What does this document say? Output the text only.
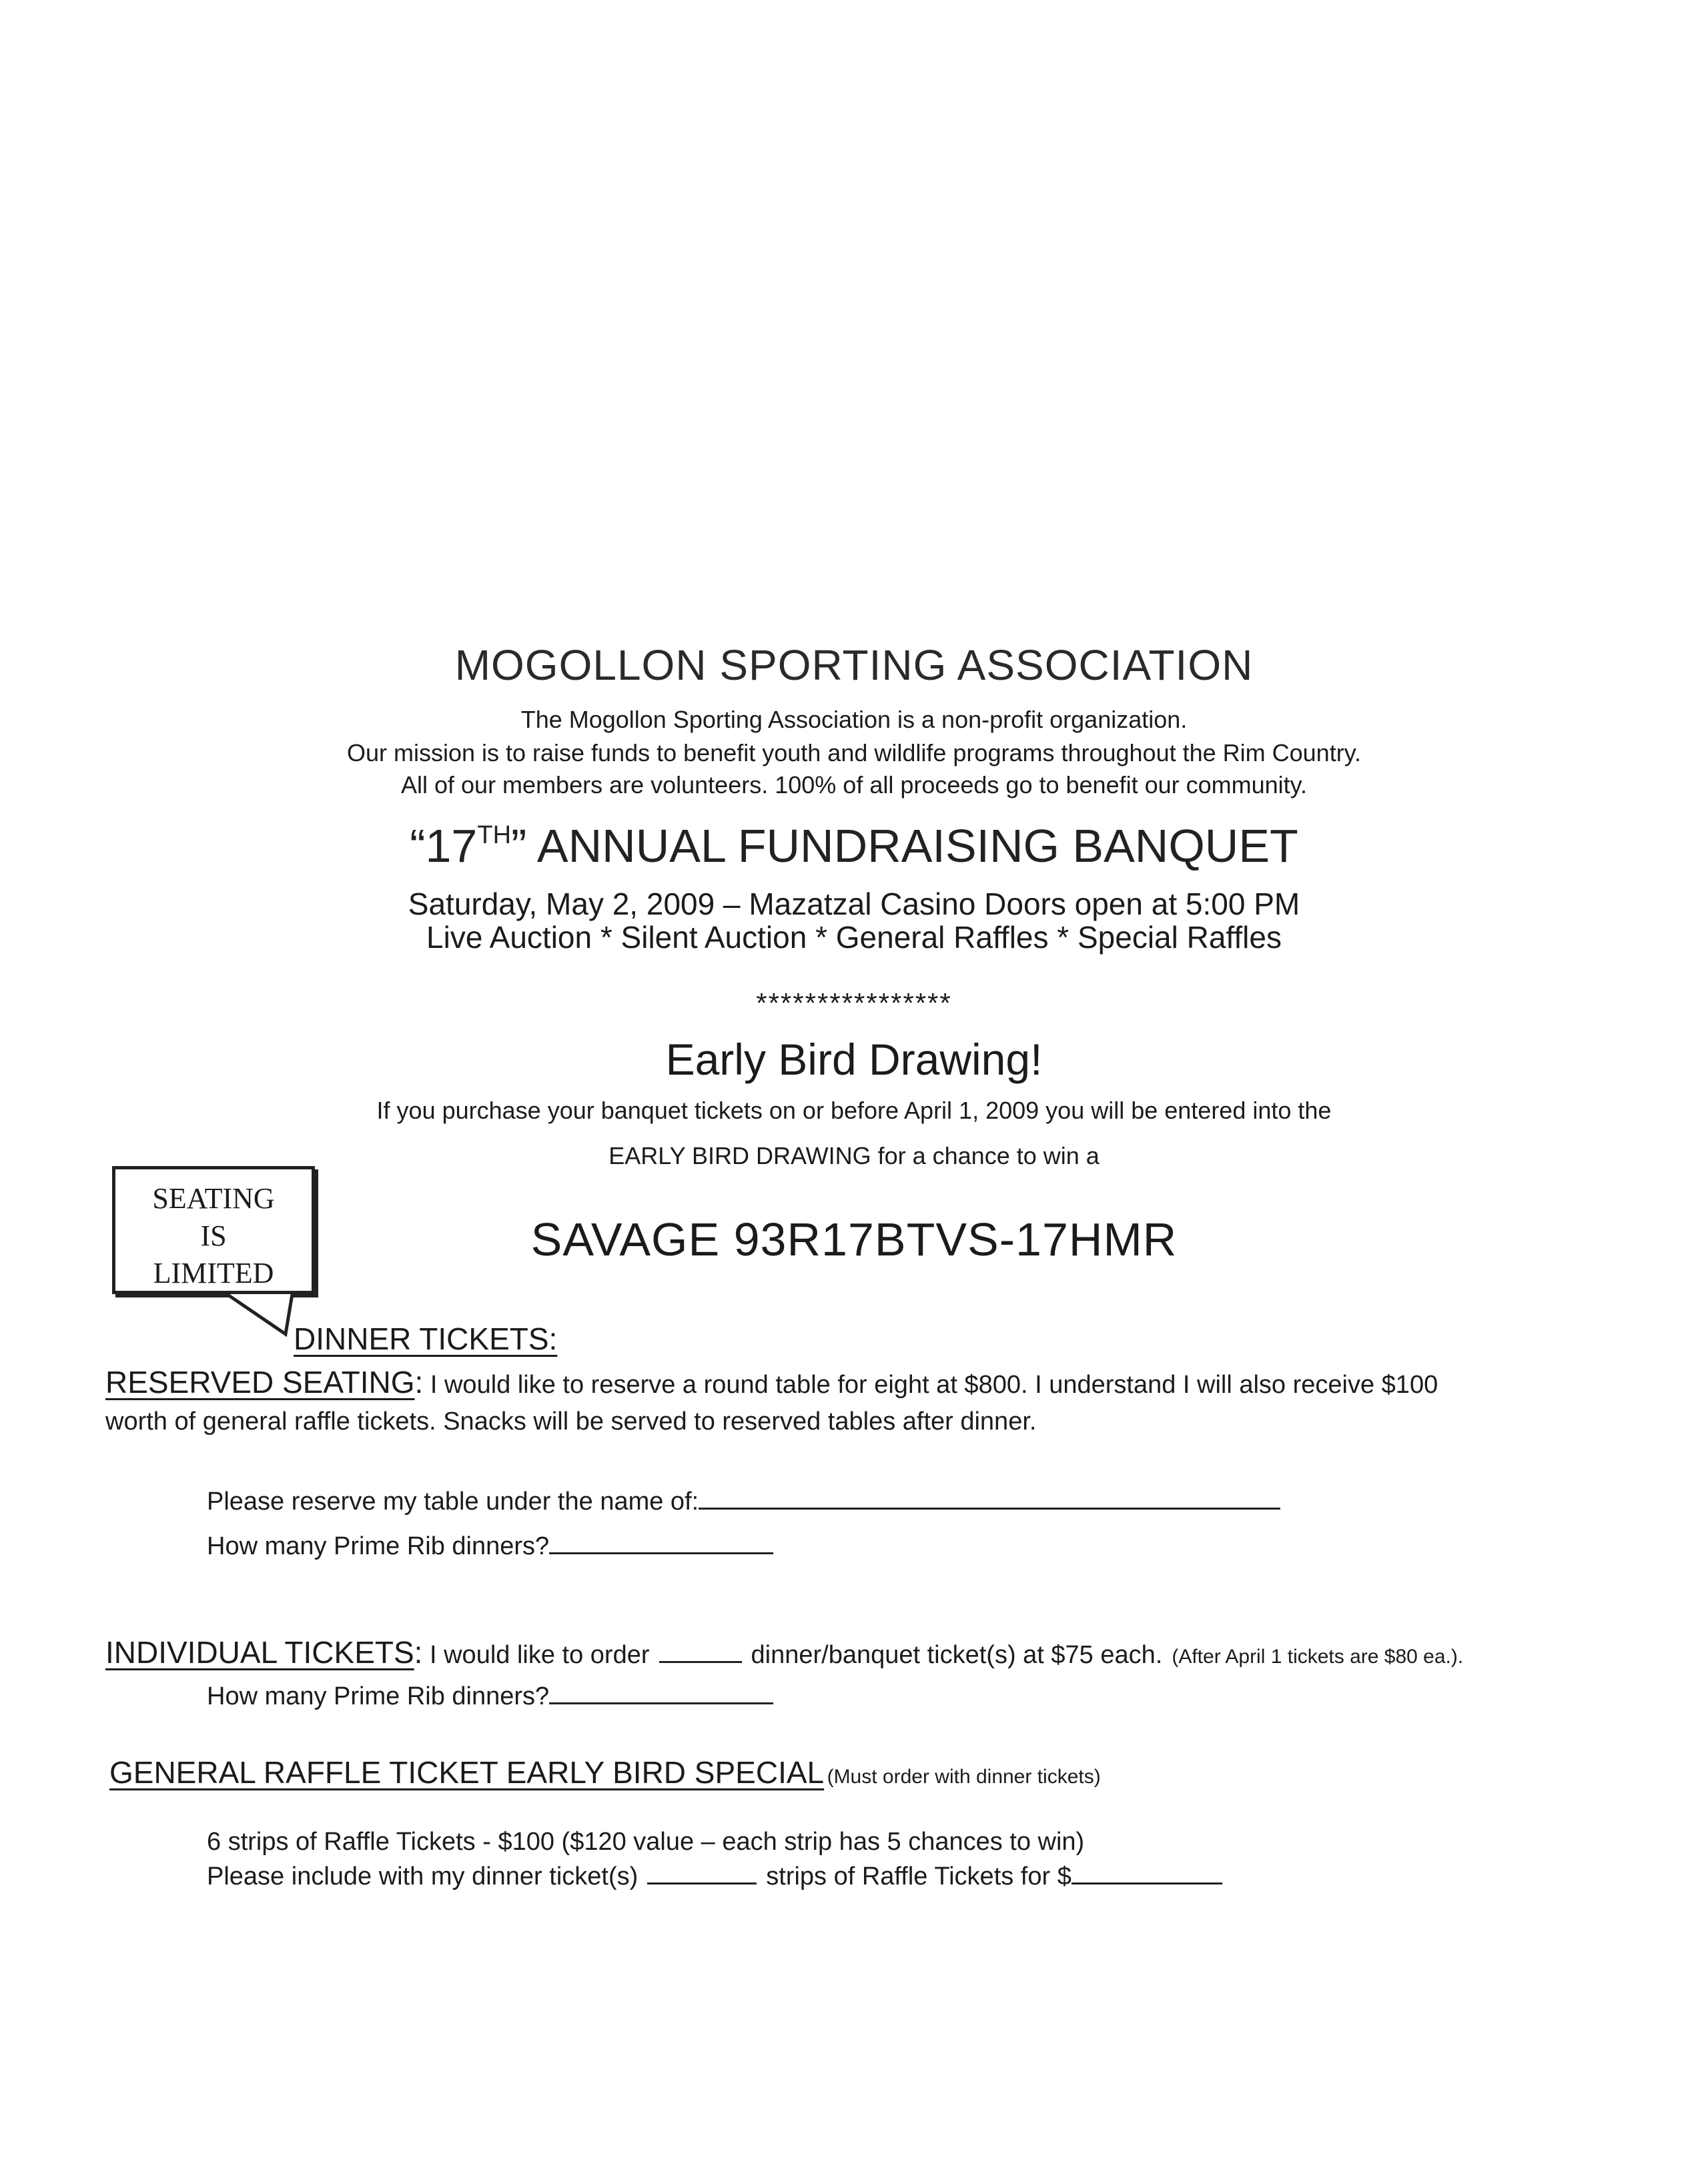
MOGOLLON SPORTING ASSOCIATION
The Mogollon Sporting Association is a non-profit organization.
Our mission is to raise funds to benefit youth and wildlife programs throughout the Rim Country.
All of our members are volunteers. 100% of all proceeds go to benefit our community.
“17TH” ANNUAL FUNDRAISING BANQUET
Saturday, May 2, 2009 – Mazatzal Casino Doors open at 5:00 PM
Live Auction * Silent Auction * General Raffles * Special Raffles
****************
Early Bird Drawing!
If you purchase your banquet tickets on or before April 1, 2009 you will be entered into the
EARLY BIRD DRAWING for a chance to win a
SAVAGE 93R17BTVS-17HMR
SEATING
IS
LIMITED
DINNER TICKETS:
RESERVED SEATING: I would like to reserve a round table for eight at $800. I understand I will also receive $100
worth of general raffle tickets. Snacks will be served to reserved tables after dinner.
Please reserve my table under the name of:
How many Prime Rib dinners?
INDIVIDUAL TICKETS: I would like to order	dinner/banquet ticket(s) at $75 each. (After April 1 tickets are $80 ea.).
How many Prime Rib dinners?
GENERAL RAFFLE TICKET EARLY BIRD SPECIAL (Must order with dinner tickets)
6 strips of Raffle Tickets - $100 ($120 value – each strip has 5 chances to win)
Please include with my dinner ticket(s)	strips of Raffle Tickets for $
